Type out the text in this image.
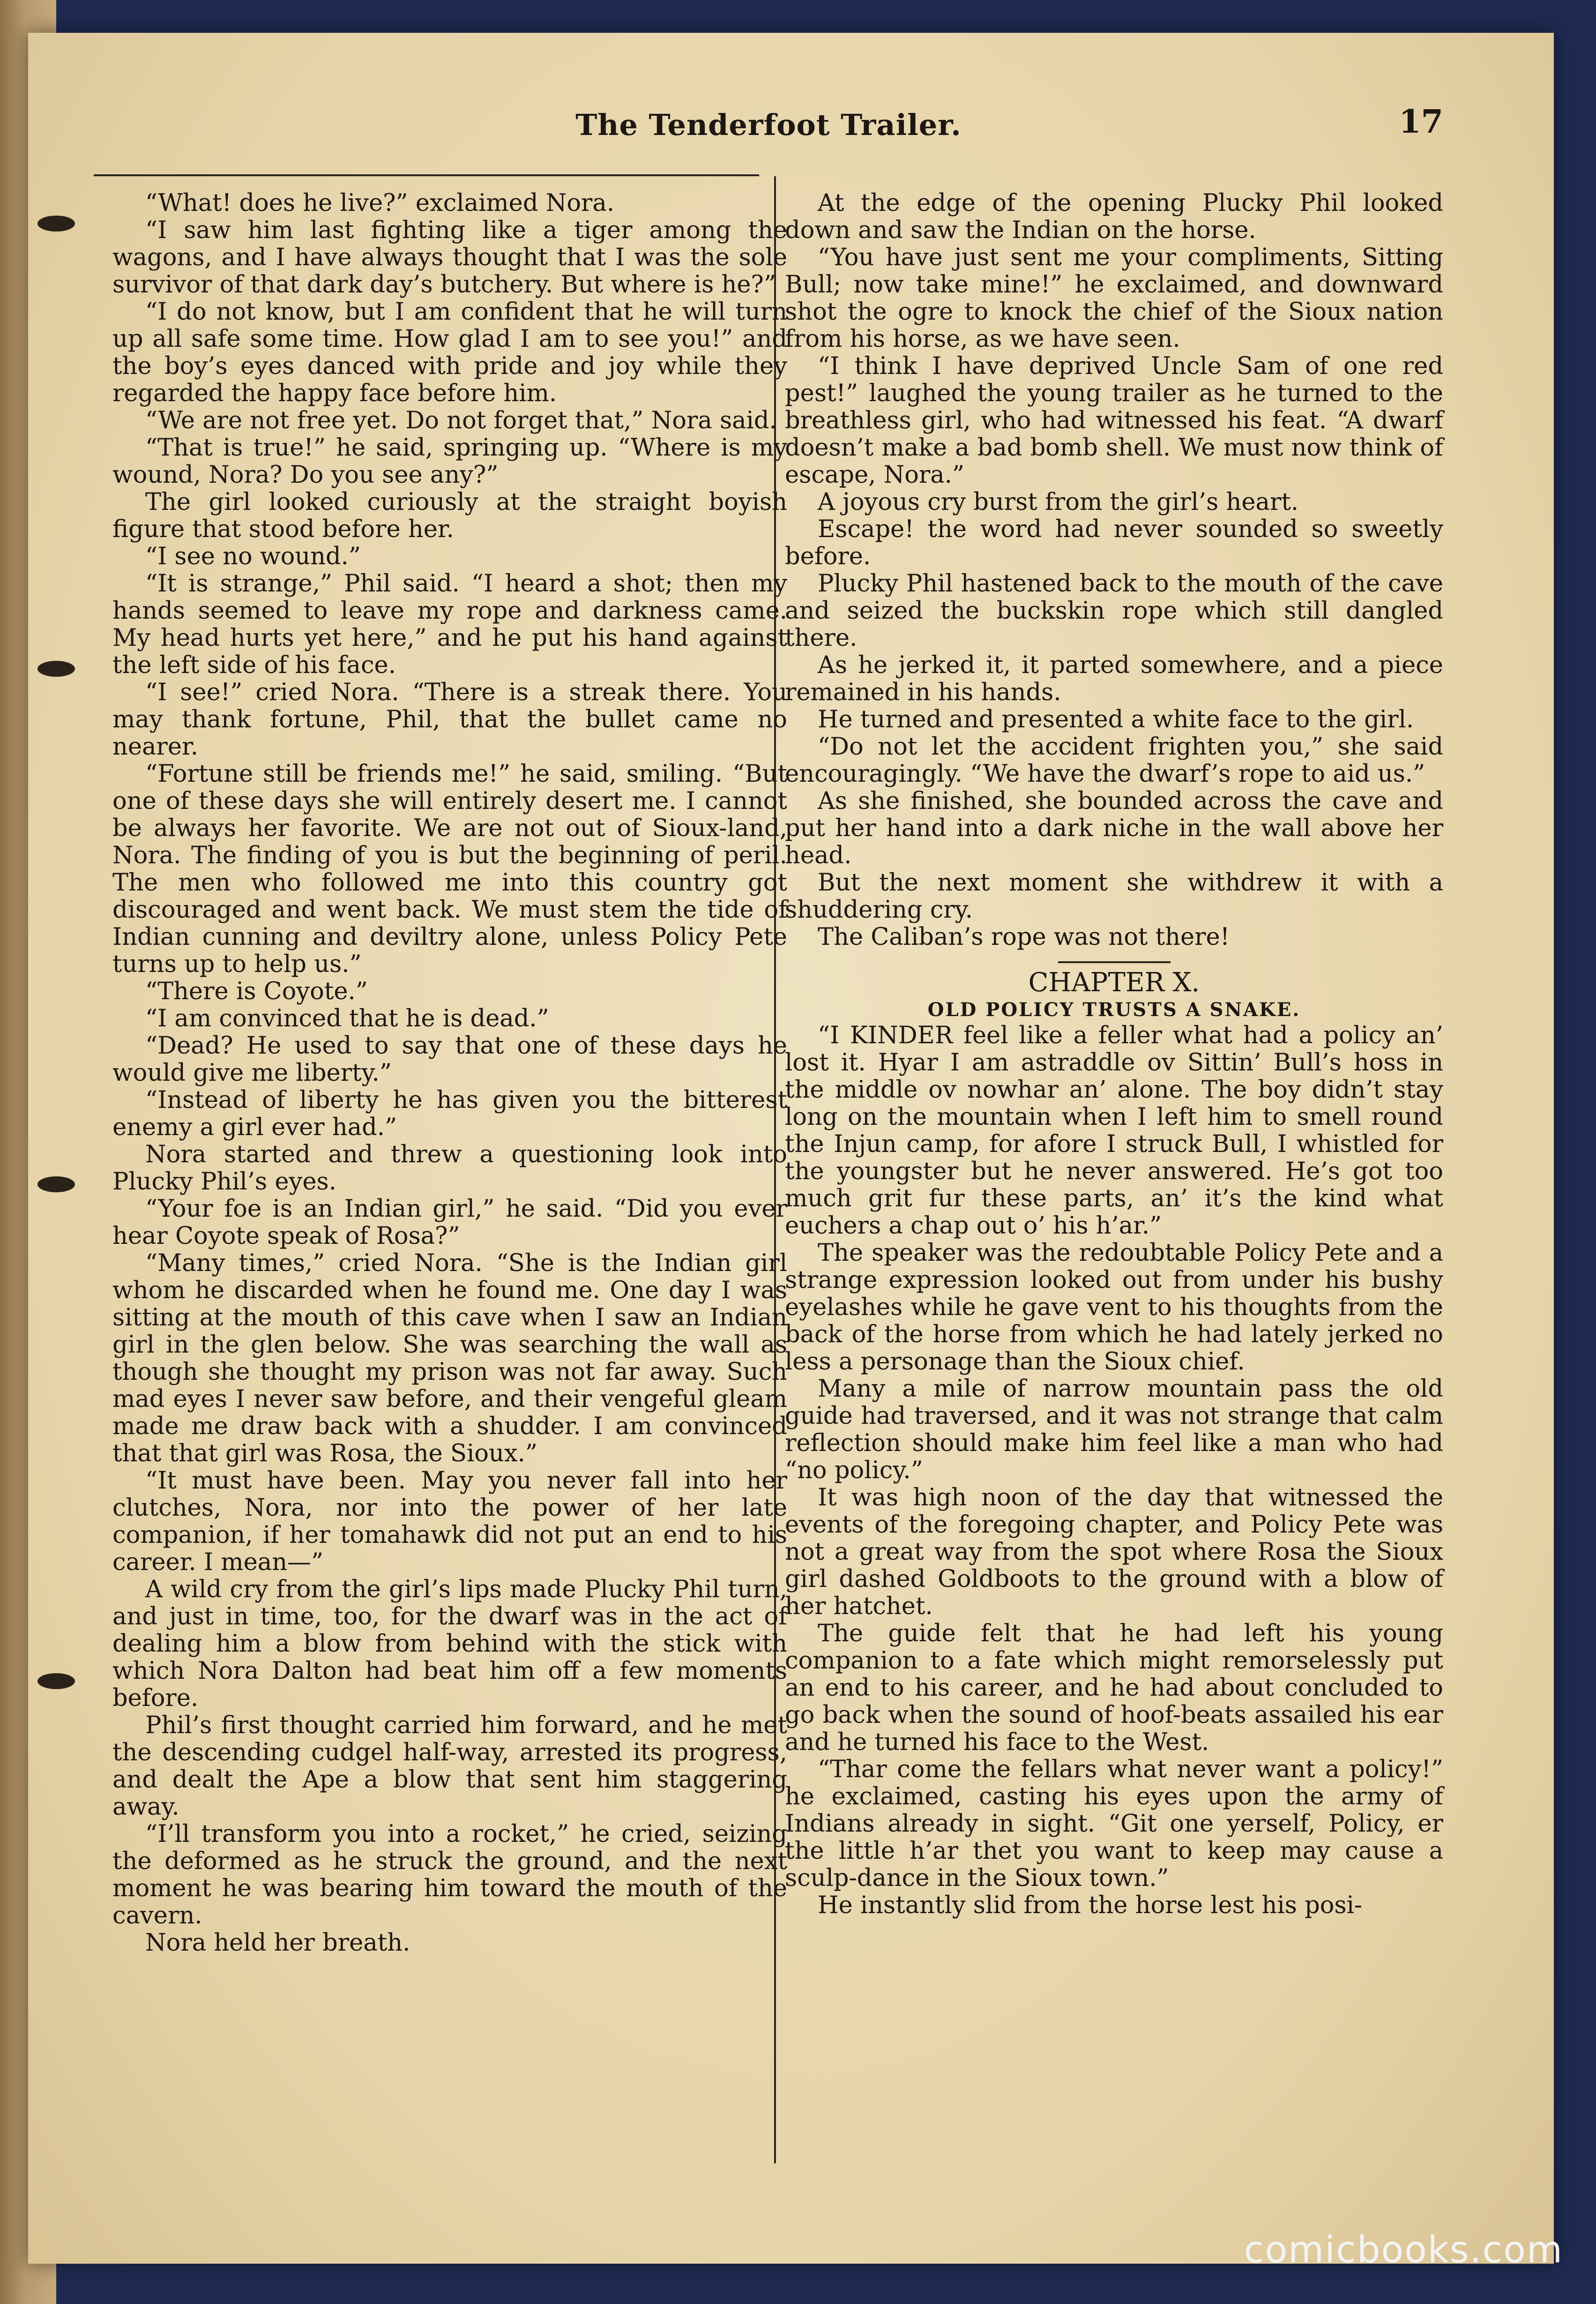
The Tenderfoot Trailer.	17

“What! does he live?” exclaimed Nora.

“I saw him last fighting like a tiger among the wagons, and I have always thought that I was the sole survivor of that dark day’s butchery. But where is he?”

“I do not know, but I am confident that he will turn up all safe some time. How glad I am to see you!” and the boy’s eyes danced with pride and joy while they regarded the happy face before him.

“We are not free yet. Do not forget that,” Nora said.

“That is true!” he said, springing up. “Where is my wound, Nora? Do you see any?”

The girl looked curiously at the straight boyish figure that stood before her.

“I see no wound.”

“It is strange,” Phil said. “I heard a shot; then my hands seemed to leave my rope and darkness came. My head hurts yet here,” and he put his hand against the left side of his face.

“I see!” cried Nora. “There is a streak there. You may thank fortune, Phil, that the bullet came no nearer.

“Fortune still be friends me!” he said, smiling. “But one of these days she will entirely desert me. I cannot be always her favorite. We are not out of Sioux-land, Nora. The finding of you is but the beginning of peril. The men who followed me into this country got discouraged and went back. We must stem the tide of Indian cunning and deviltry alone, unless Policy Pete turns up to help us.”

“There is Coyote.”

“I am convinced that he is dead.”

“Dead? He used to say that one of these days he would give me liberty.”

“Instead of liberty he has given you the bitterest enemy a girl ever had.”

Nora started and threw a questioning look into Plucky Phil’s eyes.

“Your foe is an Indian girl,” he said. “Did you ever hear Coyote speak of Rosa?”

“Many times,” cried Nora. “She is the Indian girl whom he discarded when he found me. One day I was sitting at the mouth of this cave when I saw an Indian girl in the glen below. She was searching the wall as though she thought my prison was not far away. Such mad eyes I never saw before, and their vengeful gleam made me draw back with a shudder. I am convinced that that girl was Rosa, the Sioux.”

“It must have been. May you never fall into her clutches, Nora, nor into the power of her late companion, if her tomahawk did not put an end to his career. I mean—”

A wild cry from the girl’s lips made Plucky Phil turn, and just in time, too, for the dwarf was in the act of dealing him a blow from behind with the stick with which Nora Dalton had beat him off a few moments before.

Phil’s first thought carried him forward, and he met the descending cudgel half-way, arrested its progress, and dealt the Ape a blow that sent him staggering away.

“I’ll transform you into a rocket,” he cried, seizing the deformed as he struck the ground, and the next moment he was bearing him toward the mouth of the cavern.

Nora held her breath.

At the edge of the opening Plucky Phil looked down and saw the Indian on the horse.

“You have just sent me your compliments, Sitting Bull; now take mine!” he exclaimed, and downward shot the ogre to knock the chief of the Sioux nation from his horse, as we have seen.

“I think I have deprived Uncle Sam of one red pest!” laughed the young trailer as he turned to the breathless girl, who had witnessed his feat. “A dwarf doesn’t make a bad bomb shell. We must now think of escape, Nora.”

A joyous cry burst from the girl’s heart.

Escape! the word had never sounded so sweetly before.

Plucky Phil hastened back to the mouth of the cave and seized the buckskin rope which still dangled there.

As he jerked it, it parted somewhere, and a piece remained in his hands.

He turned and presented a white face to the girl.

“Do not let the accident frighten you,” she said encouragingly. “We have the dwarf’s rope to aid us.”

As she finished, she bounded across the cave and put her hand into a dark niche in the wall above her head.

But the next moment she withdrew it with a shuddering cry.

The Caliban’s rope was not there!

CHAPTER X.

OLD POLICY TRUSTS A SNAKE.

“I KINDER feel like a feller what had a policy an’ lost it. Hyar I am astraddle ov Sittin’ Bull’s hoss in the middle ov nowhar an’ alone. The boy didn’t stay long on the mountain when I left him to smell round the Injun camp, for afore I struck Bull, I whistled for the youngster but he never answered. He’s got too much grit fur these parts, an’ it’s the kind what euchers a chap out o’ his h’ar.”

The speaker was the redoubtable Policy Pete and a strange expression looked out from under his bushy eyelashes while he gave vent to his thoughts from the back of the horse from which he had lately jerked no less a personage than the Sioux chief.

Many a mile of narrow mountain pass the old guide had traversed, and it was not strange that calm reflection should make him feel like a man who had “no policy.”

It was high noon of the day that witnessed the events of the foregoing chapter, and Policy Pete was not a great way from the spot where Rosa the Sioux girl dashed Goldboots to the ground with a blow of her hatchet.

The guide felt that he had left his young companion to a fate which might remorselessly put an end to his career, and he had about concluded to go back when the sound of hoof-beats assailed his ear and he turned his face to the West.

“Thar come the fellars what never want a policy!” he exclaimed, casting his eyes upon the army of Indians already in sight. “Git one yerself, Policy, er the little h’ar thet you want to keep may cause a sculp-dance in the Sioux town.”

He instantly slid from the horse lest his posi-

comicbooks.com
